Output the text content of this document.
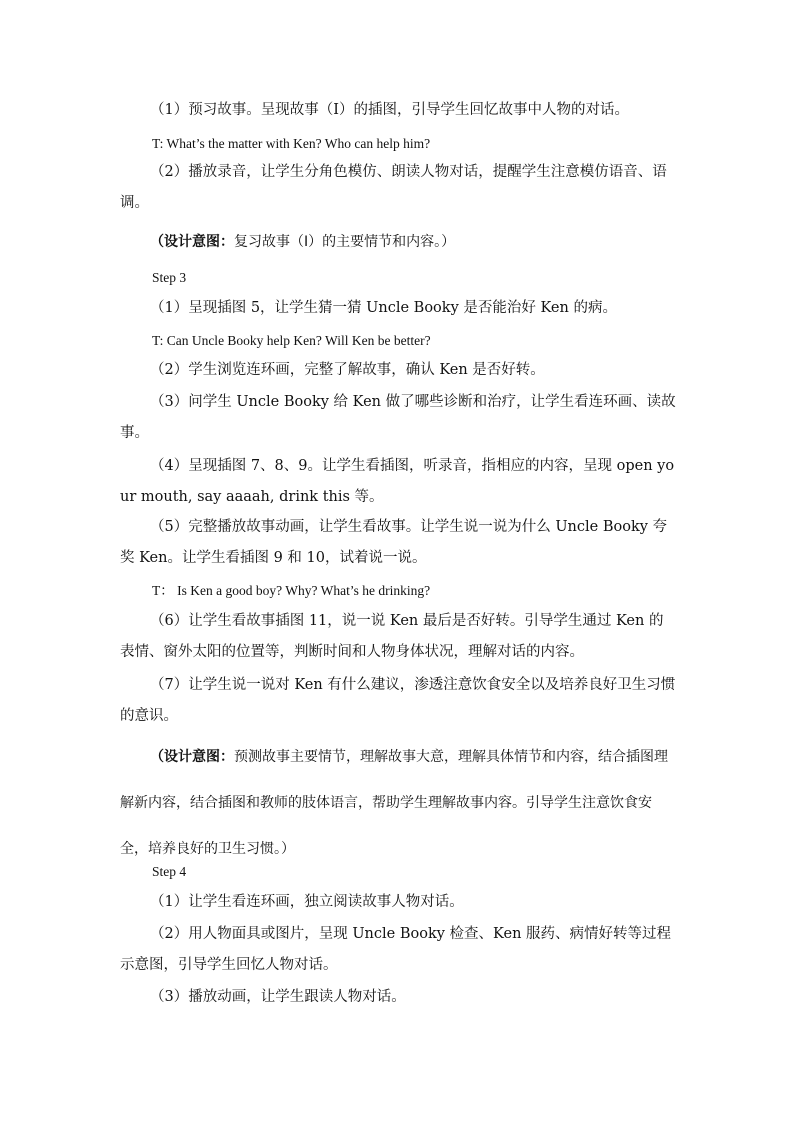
（1）预习故事。呈现故事（I）的插图，引导学生回忆故事中人物的对话。

T: What’s the matter with Ken? Who can help him?

（2）播放录音，让学生分角色模仿、朗读人物对话，提醒学生注意模仿语音、语调。

（设计意图：复习故事（I）的主要情节和内容。）

Step 3

（1）呈现插图 5，让学生猜一猜 Uncle Booky 是否能治好 Ken 的病。

T: Can Uncle Booky help Ken? Will Ken be better?

（2）学生浏览连环画，完整了解故事，确认 Ken 是否好转。

（3）问学生 Uncle Booky 给 Ken 做了哪些诊断和治疗，让学生看连环画、读故事。

（4）呈现插图 7、8、9。让学生看插图，听录音，指相应的内容，呈现 open your mouth, say aaaah, drink this 等。

（5）完整播放故事动画，让学生看故事。让学生说一说为什么 Uncle Booky 夸奖 Ken。让学生看插图 9 和 10，试着说一说。

T： Is Ken a good boy? Why? What’s he drinking?

（6）让学生看故事插图 11，说一说 Ken 最后是否好转。引导学生通过 Ken 的表情、窗外太阳的位置等，判断时间和人物身体状况，理解对话的内容。

（7）让学生说一说对 Ken 有什么建议，渗透注意饮食安全以及培养良好卫生习惯的意识。

（设计意图：预测故事主要情节，理解故事大意，理解具体情节和内容，结合插图理解新内容，结合插图和教师的肢体语言，帮助学生理解故事内容。引导学生注意饮食安全，培养良好的卫生习惯。）

Step 4

（1）让学生看连环画，独立阅读故事人物对话。

（2）用人物面具或图片，呈现 Uncle Booky 检查、Ken 服药、病情好转等过程示意图，引导学生回忆人物对话。

（3）播放动画，让学生跟读人物对话。
